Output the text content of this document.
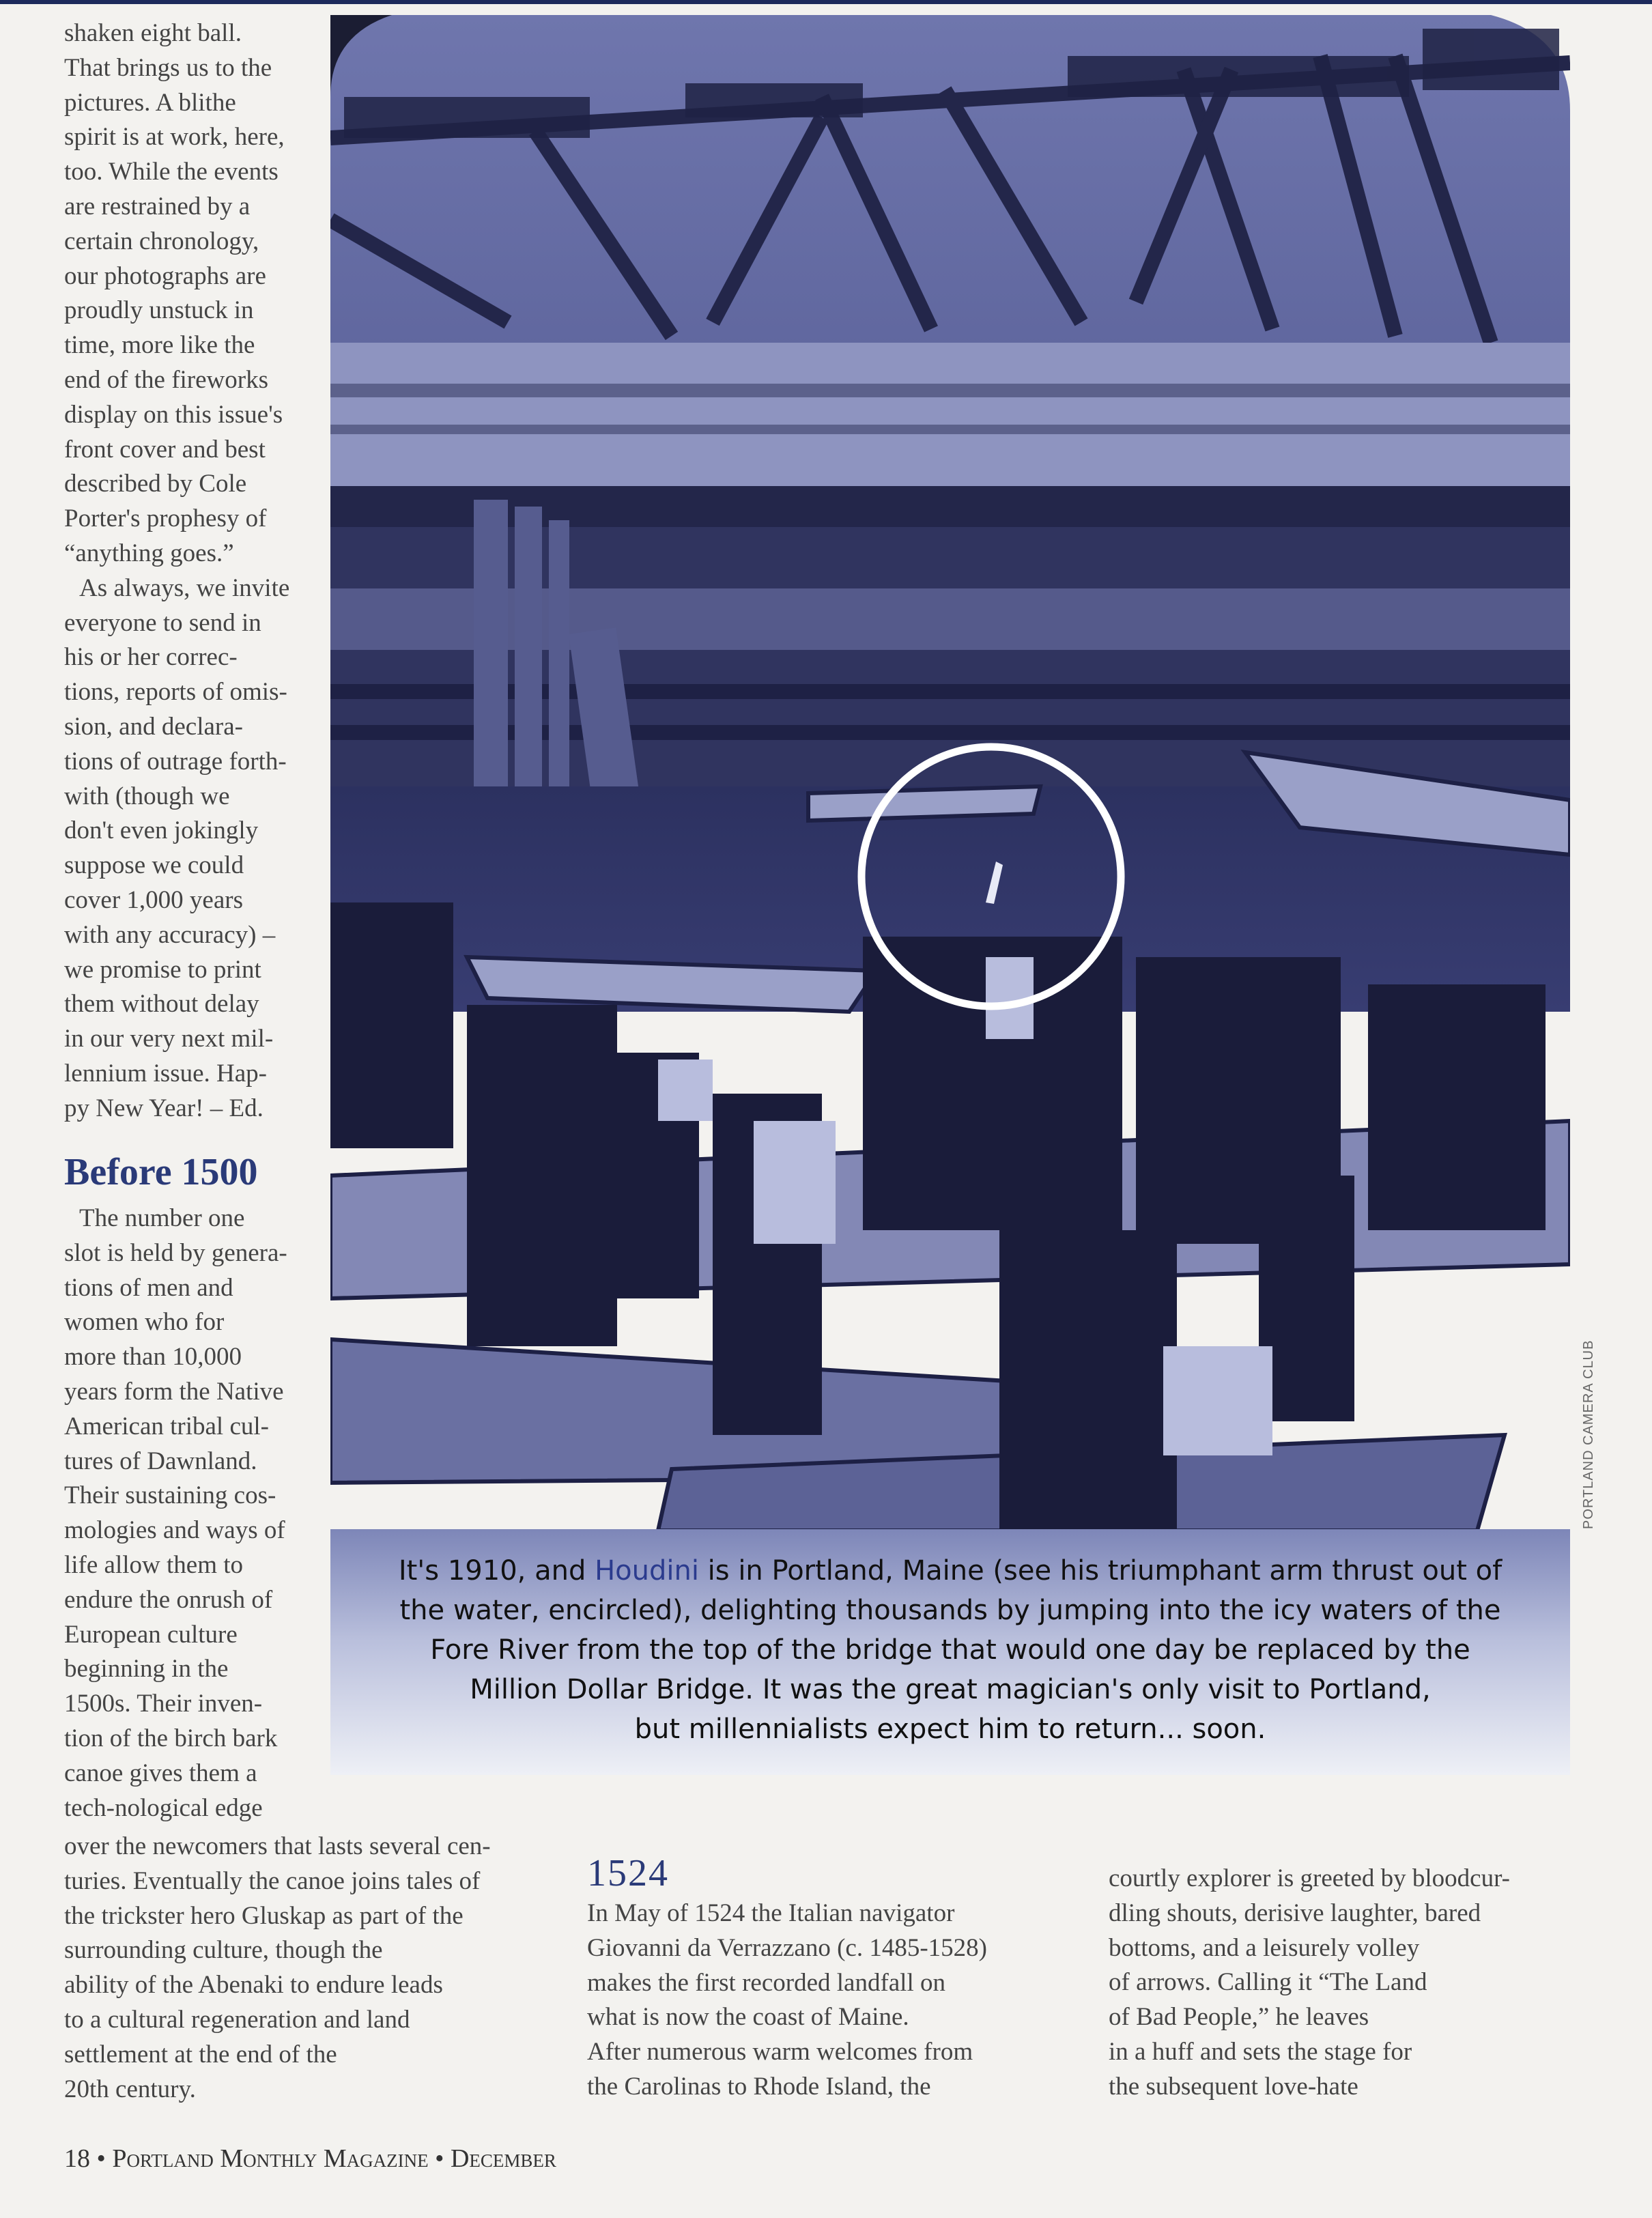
shaken eight ball.
That brings us to the
pictures. A blithe
spirit is at work, here,
too. While the events
are restrained by a
certain chronology,
our photographs are
proudly unstuck in
time, more like the
end of the fireworks
display on this issue's
front cover and best
described by Cole
Porter's prophesy of
“anything goes.”
As always, we invite
everyone to send in
his or her correc-
tions, reports of omis-
sion, and declara-
tions of outrage forth-
with (though we
don't even jokingly
suppose we could
cover 1,000 years
with any accuracy) –
we promise to print
them without delay
in our very next mil-
lennium issue. Hap-
py New Year! – Ed.
Before 1500
The number one
slot is held by genera-
tions of men and
women who for
more than 10,000
years form the Native
American tribal cul-
tures of Dawnland.
Their sustaining cos-
mologies and ways of
life allow them to
endure the onrush of
European culture
beginning in the
1500s. Their inven-
tion of the birch bark
canoe gives them a
tech-nological edge
It's 1910, and Houdini is in Portland, Maine (see his triumphant arm thrust out of
the water, encircled), delighting thousands by jumping into the icy waters of the
Fore River from the top of the bridge that would one day be replaced by the
Million Dollar Bridge. It was the great magician's only visit to Portland,
but millennialists expect him to return... soon.
PORTLAND CAMERA CLUB
over the newcomers that lasts several cen-
turies. Eventually the canoe joins tales of
the trickster hero Gluskap as part of the
surrounding culture, though the
ability of the Abenaki to endure leads
to a cultural regeneration and land
settlement at the end of the
20th century.
1524
In May of 1524 the Italian navigator
Giovanni da Verrazzano (c. 1485-1528)
makes the first recorded landfall on
what is now the coast of Maine.
After numerous warm welcomes from
the Carolinas to Rhode Island, the
courtly explorer is greeted by bloodcur-
dling shouts, derisive laughter, bared
bottoms, and a leisurely volley
of arrows. Calling it “The Land
of Bad People,” he leaves
in a huff and sets the stage for
the subsequent love-hate
18 • Portland Monthly Magazine • December
